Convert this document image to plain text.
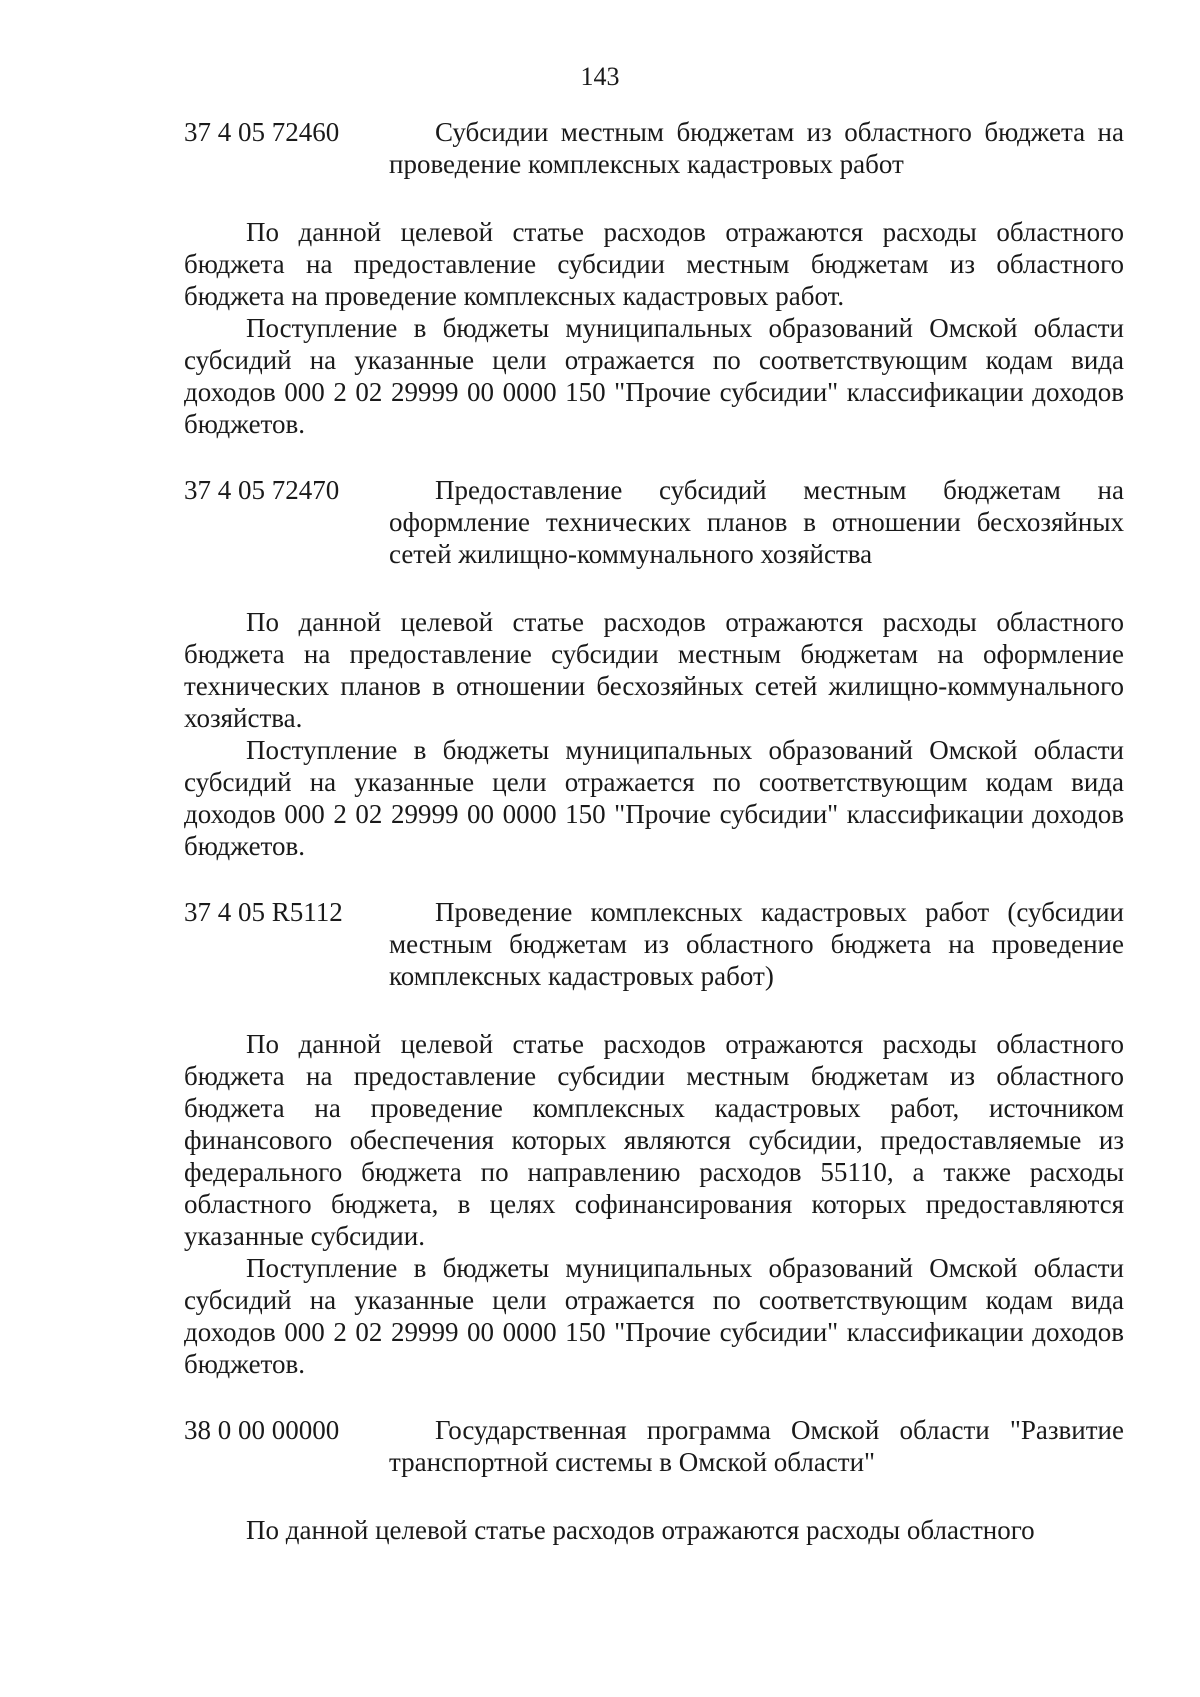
143
37 4 05 72460	Субсидии местным бюджетам из областного бюджета на проведение комплексных кадастровых работ

По данной целевой статье расходов отражаются расходы областного бюджета на предоставление субсидии местным бюджетам из областного бюджета на проведение комплексных кадастровых работ.

Поступление в бюджеты муниципальных образований Омской области субсидий на указанные цели отражается по соответствующим кодам вида доходов 000 2 02 29999 00 0000 150 "Прочие субсидии" классификации доходов бюджетов.

37 4 05 72470	Предоставление субсидий местным бюджетам на оформление технических планов в отношении бесхозяйных сетей жилищно-коммунального хозяйства

По данной целевой статье расходов отражаются расходы областного бюджета на предоставление субсидии местным бюджетам на оформление технических планов в отношении бесхозяйных сетей жилищно-коммунального хозяйства.

Поступление в бюджеты муниципальных образований Омской области субсидий на указанные цели отражается по соответствующим кодам вида доходов 000 2 02 29999 00 0000 150 "Прочие субсидии" классификации доходов бюджетов.

37 4 05 R5112	Проведение комплексных кадастровых работ (субсидии местным бюджетам из областного бюджета на проведение комплексных кадастровых работ)

По данной целевой статье расходов отражаются расходы областного бюджета на предоставление субсидии местным бюджетам из областного бюджета на проведение комплексных кадастровых работ, источником финансового обеспечения которых являются субсидии, предоставляемые из федерального бюджета по направлению расходов 55110, а также расходы областного бюджета, в целях софинансирования которых предоставляются указанные субсидии.

Поступление в бюджеты муниципальных образований Омской области субсидий на указанные цели отражается по соответствующим кодам вида доходов 000 2 02 29999 00 0000 150 "Прочие субсидии" классификации доходов бюджетов.

38 0 00 00000	Государственная программа Омской области "Развитие транспортной системы в Омской области"

По данной целевой статье расходов отражаются расходы областного
